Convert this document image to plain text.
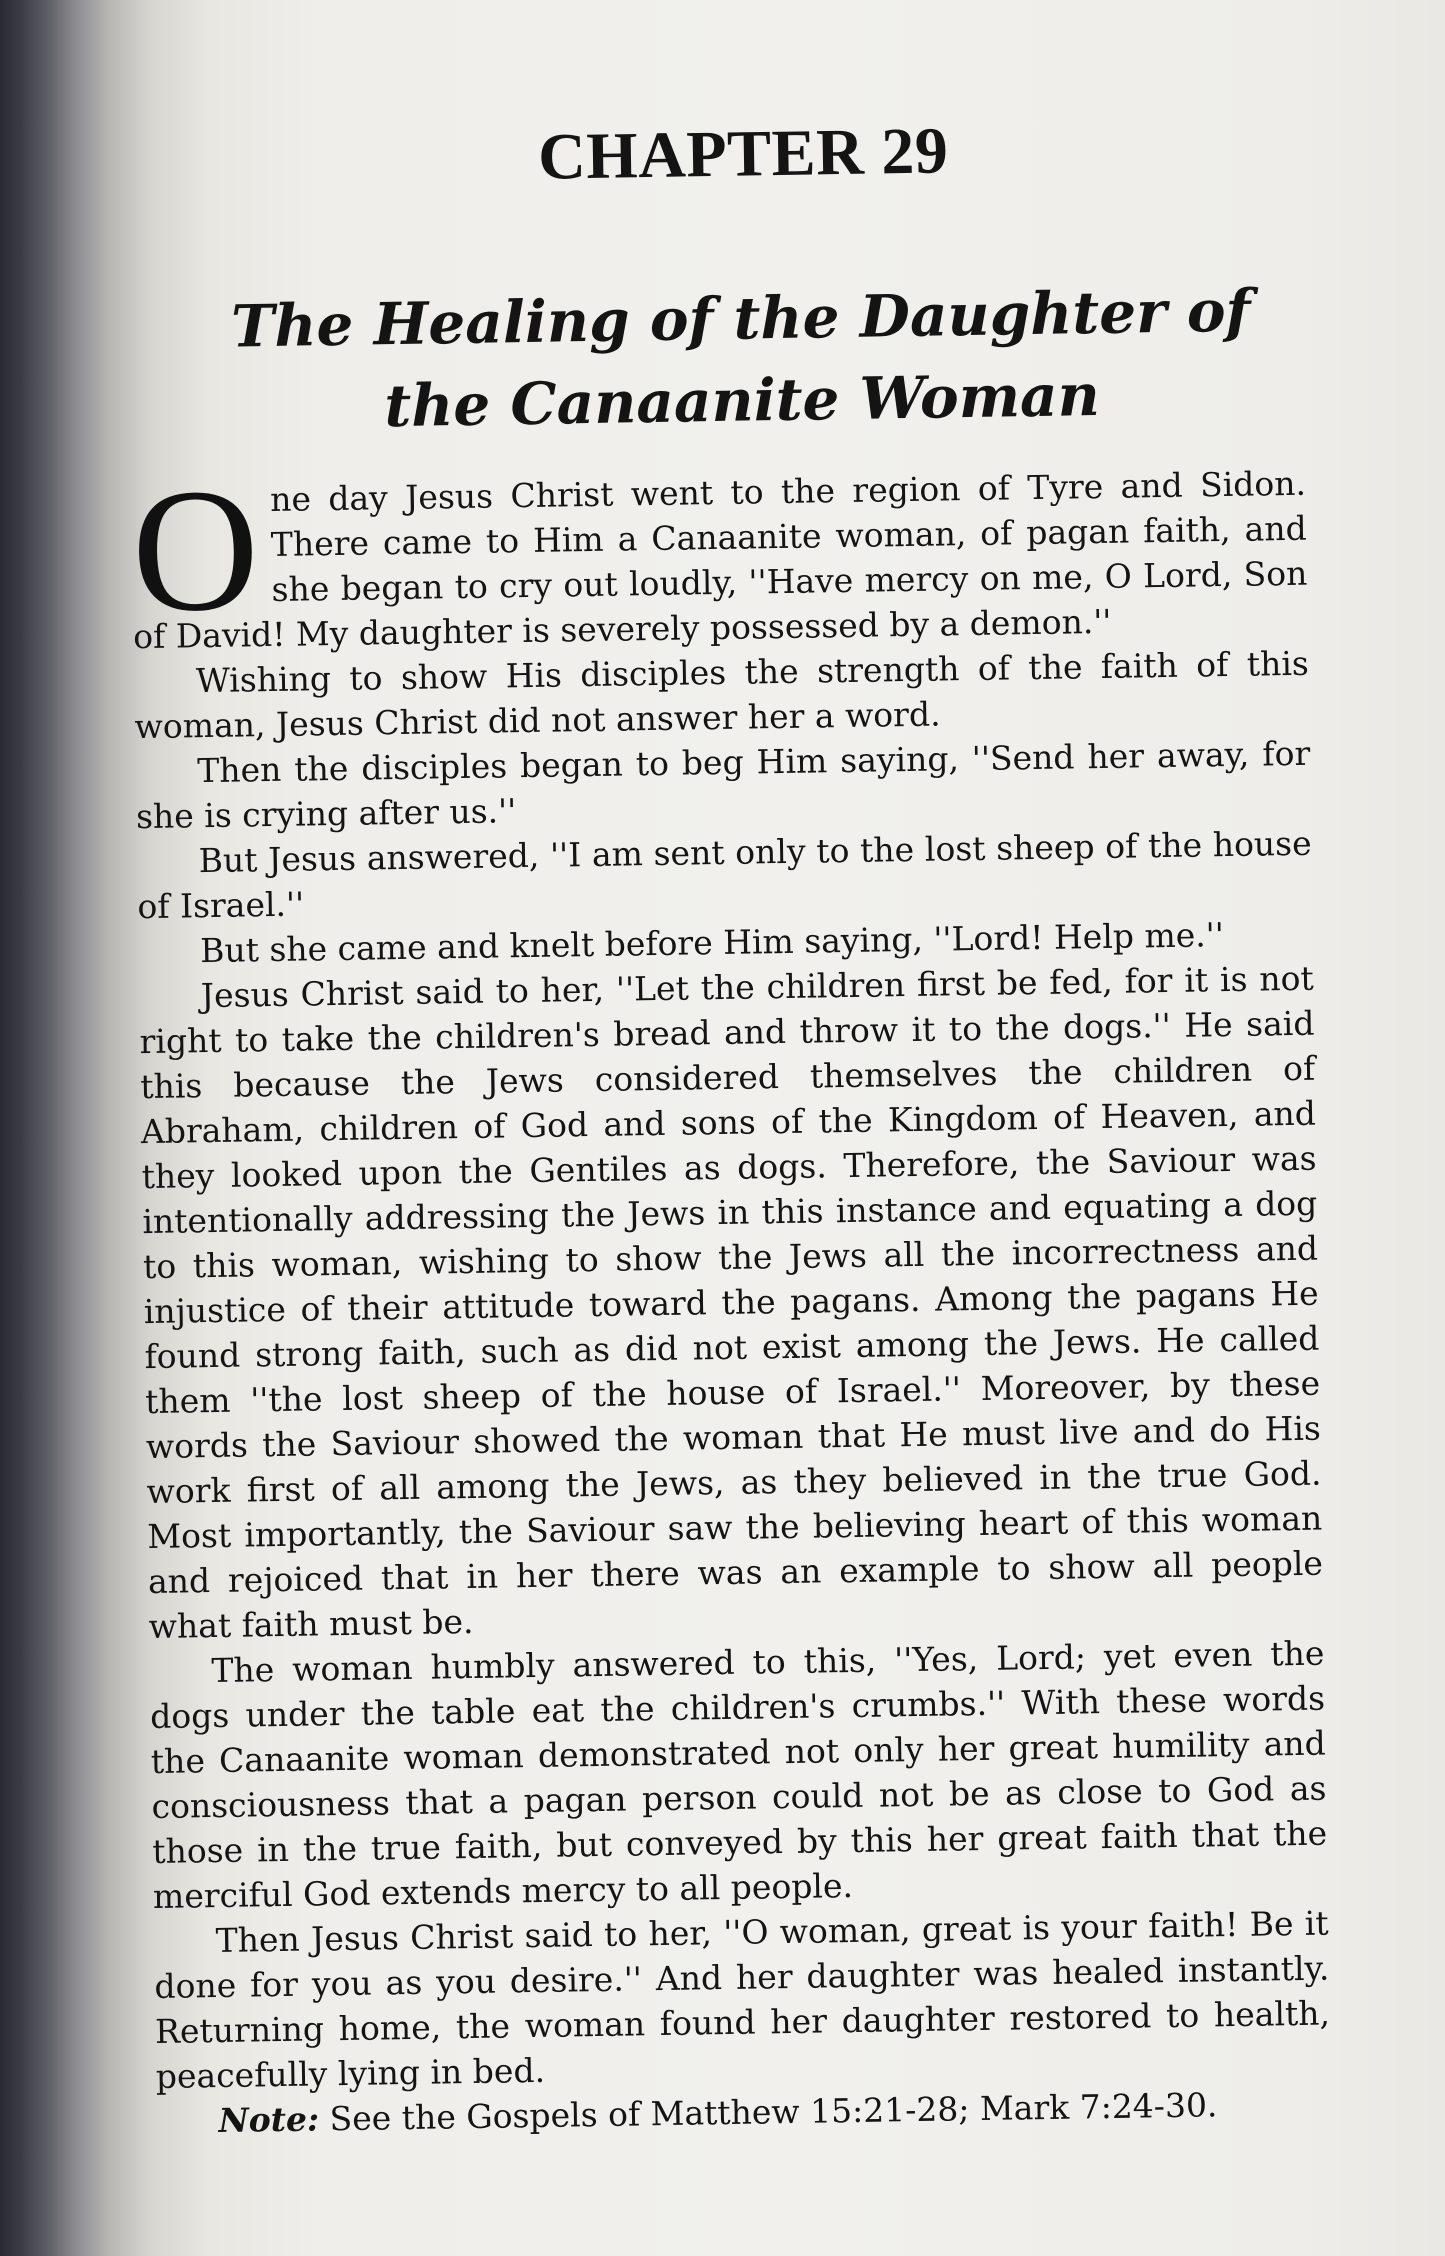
CHAPTER 29
The Healing of the Daughter of the Canaanite Woman

One day Jesus Christ went to the region of Tyre and Sidon. There came to Him a Canaanite woman, of pagan faith, and she began to cry out loudly, ''Have mercy on me, O Lord, Son of David! My daughter is severely possessed by a demon.''

Wishing to show His disciples the strength of the faith of this woman, Jesus Christ did not answer her a word.

Then the disciples began to beg Him saying, ''Send her away, for she is crying after us.''

But Jesus answered, ''I am sent only to the lost sheep of the house of Israel.''

But she came and knelt before Him saying, ''Lord! Help me.''

Jesus Christ said to her, ''Let the children first be fed, for it is not right to take the children's bread and throw it to the dogs.'' He said this because the Jews considered themselves the children of Abraham, children of God and sons of the Kingdom of Heaven, and they looked upon the Gentiles as dogs. Therefore, the Saviour was intentionally addressing the Jews in this instance and equating a dog to this woman, wishing to show the Jews all the incorrectness and injustice of their attitude toward the pagans. Among the pagans He found strong faith, such as did not exist among the Jews. He called them ''the lost sheep of the house of Israel.'' Moreover, by these words the Saviour showed the woman that He must live and do His work first of all among the Jews, as they believed in the true God. Most importantly, the Saviour saw the believing heart of this woman and rejoiced that in her there was an example to show all people what faith must be.

The woman humbly answered to this, ''Yes, Lord; yet even the dogs under the table eat the children's crumbs.'' With these words the Canaanite woman demonstrated not only her great humility and consciousness that a pagan person could not be as close to God as those in the true faith, but conveyed by this her great faith that the merciful God extends mercy to all people.

Then Jesus Christ said to her, ''O woman, great is your faith! Be it done for you as you desire.'' And her daughter was healed instantly. Returning home, the woman found her daughter restored to health, peacefully lying in bed.

Note: See the Gospels of Matthew 15:21-28; Mark 7:24-30.
